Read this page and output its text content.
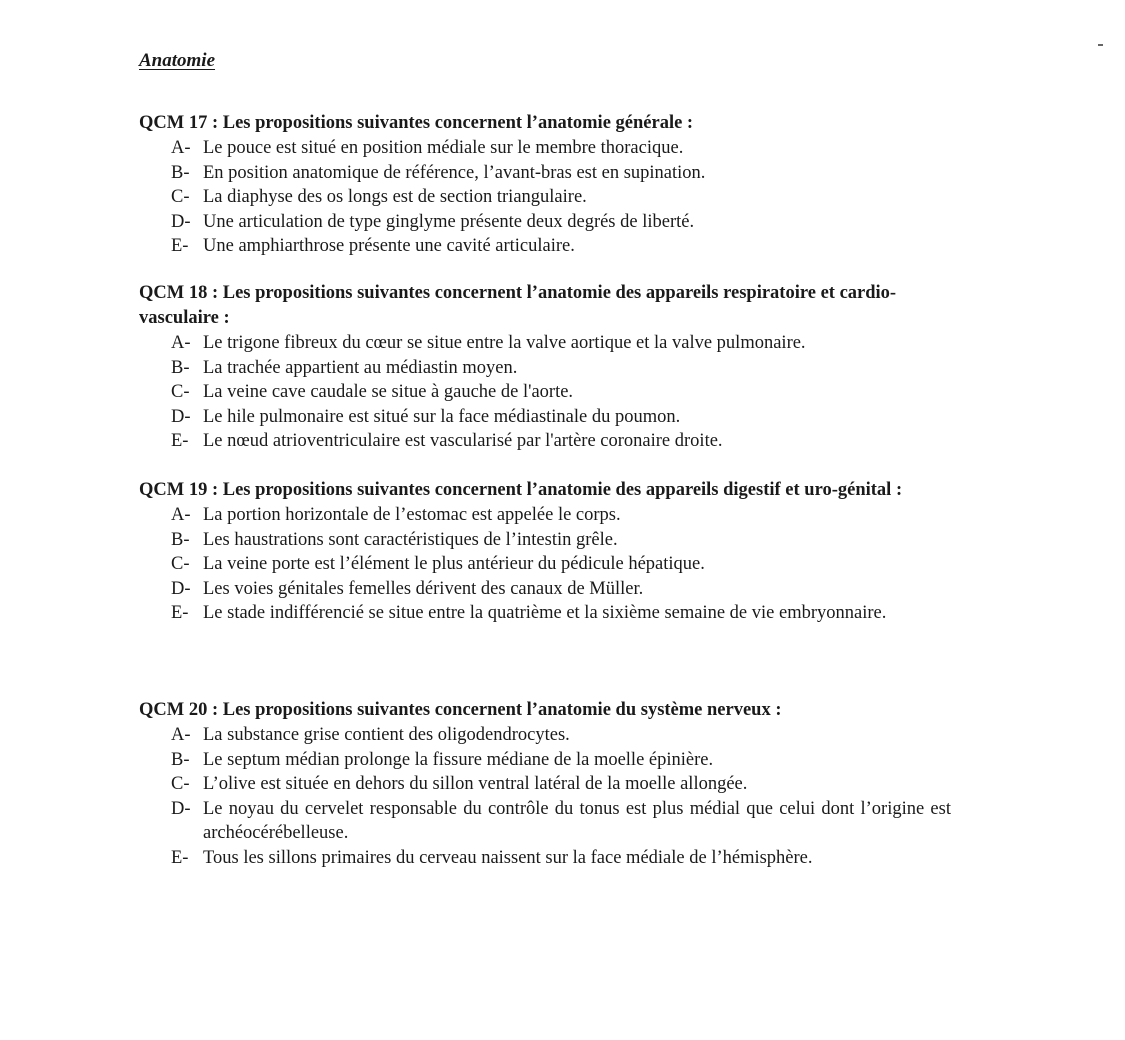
Anatomie

QCM 17 : Les propositions suivantes concernent l’anatomie générale :

A- Le pouce est situé en position médiale sur le membre thoracique.
B- En position anatomique de référence, l’avant-bras est en supination.
C- La diaphyse des os longs est de section triangulaire.
D- Une articulation de type ginglyme présente deux degrés de liberté.
E- Une amphiarthrose présente une cavité articulaire.

QCM 18 : Les propositions suivantes concernent l’anatomie des appareils respiratoire et cardio-vasculaire :

A- Le trigone fibreux du cœur se situe entre la valve aortique et la valve pulmonaire.
B- La trachée appartient au médiastin moyen.
C- La veine cave caudale se situe à gauche de l'aorte.
D- Le hile pulmonaire est situé sur la face médiastinale du poumon.
E- Le nœud atrioventriculaire est vascularisé par l'artère coronaire droite.

QCM 19 : Les propositions suivantes concernent l’anatomie des appareils digestif et uro-génital :

A- La portion horizontale de l’estomac est appelée le corps.
B- Les haustrations sont caractéristiques de l’intestin grêle.
C- La veine porte est l’élément le plus antérieur du pédicule hépatique.
D- Les voies génitales femelles dérivent des canaux de Müller.
E- Le stade indifférencié se situe entre la quatrième et la sixième semaine de vie embryonnaire.

QCM 20 : Les propositions suivantes concernent l’anatomie du système nerveux :

A- La substance grise contient des oligodendrocytes.
B- Le septum médian prolonge la fissure médiane de la moelle épinière.
C- L’olive est située en dehors du sillon ventral latéral de la moelle allongée.
D- Le noyau du cervelet responsable du contrôle du tonus est plus médial que celui dont l’origine est archéocérébelleuse.
E- Tous les sillons primaires du cerveau naissent sur la face médiale de l’hémisphère.
